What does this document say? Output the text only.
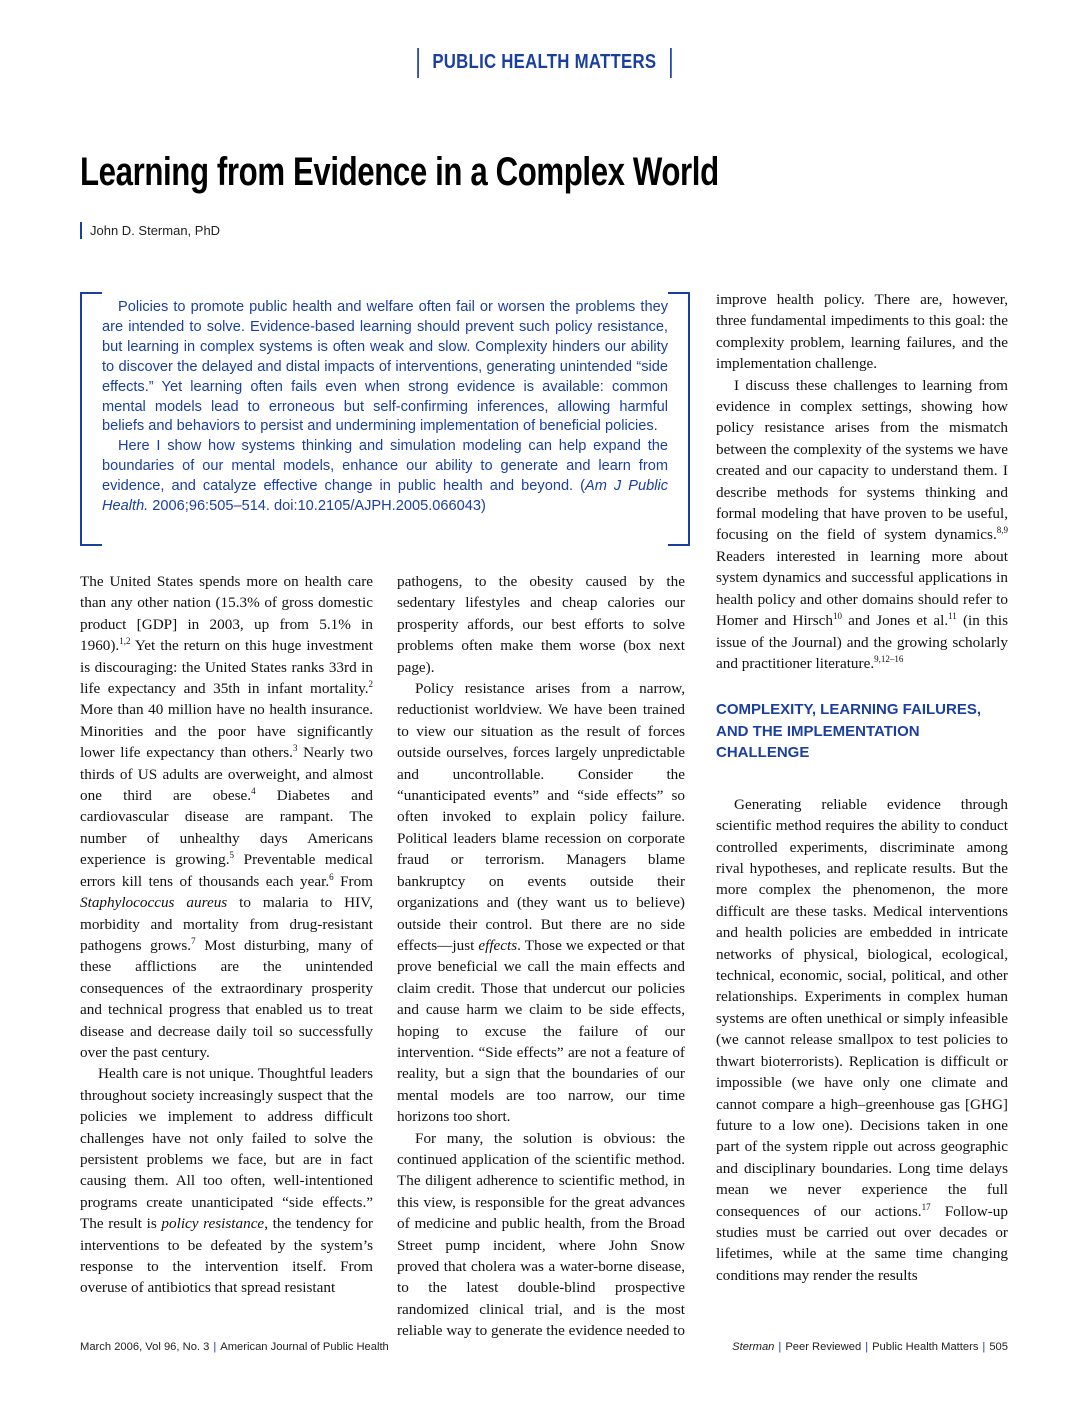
PUBLIC HEALTH MATTERS
Learning from Evidence in a Complex World
John D. Sterman, PhD

Policies to promote public health and welfare often fail or worsen the problems they are intended to solve. Evidence-based learning should prevent such policy resistance, but learning in complex systems is often weak and slow. Complexity hinders our ability to discover the delayed and distal impacts of interventions, generating unintended “side effects.” Yet learning often fails even when strong evidence is available: common mental models lead to erroneous but self-confirming inferences, allowing harmful beliefs and behaviors to persist and undermining implementation of beneficial policies.

Here I show how systems thinking and simulation modeling can help expand the boundaries of our mental models, enhance our ability to generate and learn from evidence, and catalyze effective change in public health and beyond. (Am J Public Health. 2006;96:505–514. doi:10.2105/AJPH.2005.066043)

The United States spends more on health care than any other nation (15.3% of gross domestic product [GDP] in 2003, up from 5.1% in 1960).$^{1,2}$ Yet the return on this huge investment is discouraging: the United States ranks 33rd in life expectancy and 35th in infant mortality.$^2$ More than 40 million have no health insurance. Minorities and the poor have significantly lower life expectancy than others.$^3$ Nearly two thirds of US adults are overweight, and almost one third are obese.$^4$ Diabetes and cardiovascular disease are rampant. The number of unhealthy days Americans experience is growing.$^5$ Preventable medical errors kill tens of thousands each year.$^6$ From Staphylococcus aureus to malaria to HIV, morbidity and mortality from drug-resistant pathogens grows.$^7$ Most disturbing, many of these afflictions are the unintended consequences of the extraordinary prosperity and technical progress that enabled us to treat disease and decrease daily toil so successfully over the past century.

Health care is not unique. Thoughtful leaders throughout society increasingly suspect that the policies we implement to address difficult challenges have not only failed to solve the persistent problems we face, but are in fact causing them. All too often, well-intentioned programs create unanticipated “side effects.” The result is policy resistance, the tendency for interventions to be defeated by the system’s response to the intervention itself. From overuse of antibiotics that spread resistant

pathogens, to the obesity caused by the sedentary lifestyles and cheap calories our prosperity affords, our best efforts to solve problems often make them worse (box next page).

Policy resistance arises from a narrow, reductionist worldview. We have been trained to view our situation as the result of forces outside ourselves, forces largely unpredictable and uncontrollable. Consider the “unanticipated events” and “side effects” so often invoked to explain policy failure. Political leaders blame recession on corporate fraud or terrorism. Managers blame bankruptcy on events outside their organizations and (they want us to believe) outside their control. But there are no side effects—just effects. Those we expected or that prove beneficial we call the main effects and claim credit. Those that undercut our policies and cause harm we claim to be side effects, hoping to excuse the failure of our intervention. “Side effects” are not a feature of reality, but a sign that the boundaries of our mental models are too narrow, our time horizons too short.

For many, the solution is obvious: the continued application of the scientific method. The diligent adherence to scientific method, in this view, is responsible for the great advances of medicine and public health, from the Broad Street pump incident, where John Snow proved that cholera was a water-borne disease, to the latest double-blind prospective randomized clinical trial, and is the most reliable way to generate the evidence needed to

improve health policy. There are, however, three fundamental impediments to this goal: the complexity problem, learning failures, and the implementation challenge.

I discuss these challenges to learning from evidence in complex settings, showing how policy resistance arises from the mismatch between the complexity of the systems we have created and our capacity to understand them. I describe methods for systems thinking and formal modeling that have proven to be useful, focusing on the field of system dynamics.$^{8,9}$ Readers interested in learning more about system dynamics and successful applications in health policy and other domains should refer to Homer and Hirsch$^{10}$ and Jones et al.$^{11}$ (in this issue of the Journal) and the growing scholarly and practitioner literature.$^{9,12-16}$

COMPLEXITY, LEARNING FAILURES, AND THE IMPLEMENTATION CHALLENGE

Generating reliable evidence through scientific method requires the ability to conduct controlled experiments, discriminate among rival hypotheses, and replicate results. But the more complex the phenomenon, the more difficult are these tasks. Medical interventions and health policies are embedded in intricate networks of physical, biological, ecological, technical, economic, social, political, and other relationships. Experiments in complex human systems are often unethical or simply infeasible (we cannot release smallpox to test policies to thwart bioterrorists). Replication is difficult or impossible (we have only one climate and cannot compare a high–greenhouse gas [GHG] future to a low one). Decisions taken in one part of the system ripple out across geographic and disciplinary boundaries. Long time delays mean we never experience the full consequences of our actions.$^{17}$ Follow-up studies must be carried out over decades or lifetimes, while at the same time changing conditions may render the results

March 2006, Vol 96, No. 3 | American Journal of Public Health	Sterman | Peer Reviewed | Public Health Matters | 505
